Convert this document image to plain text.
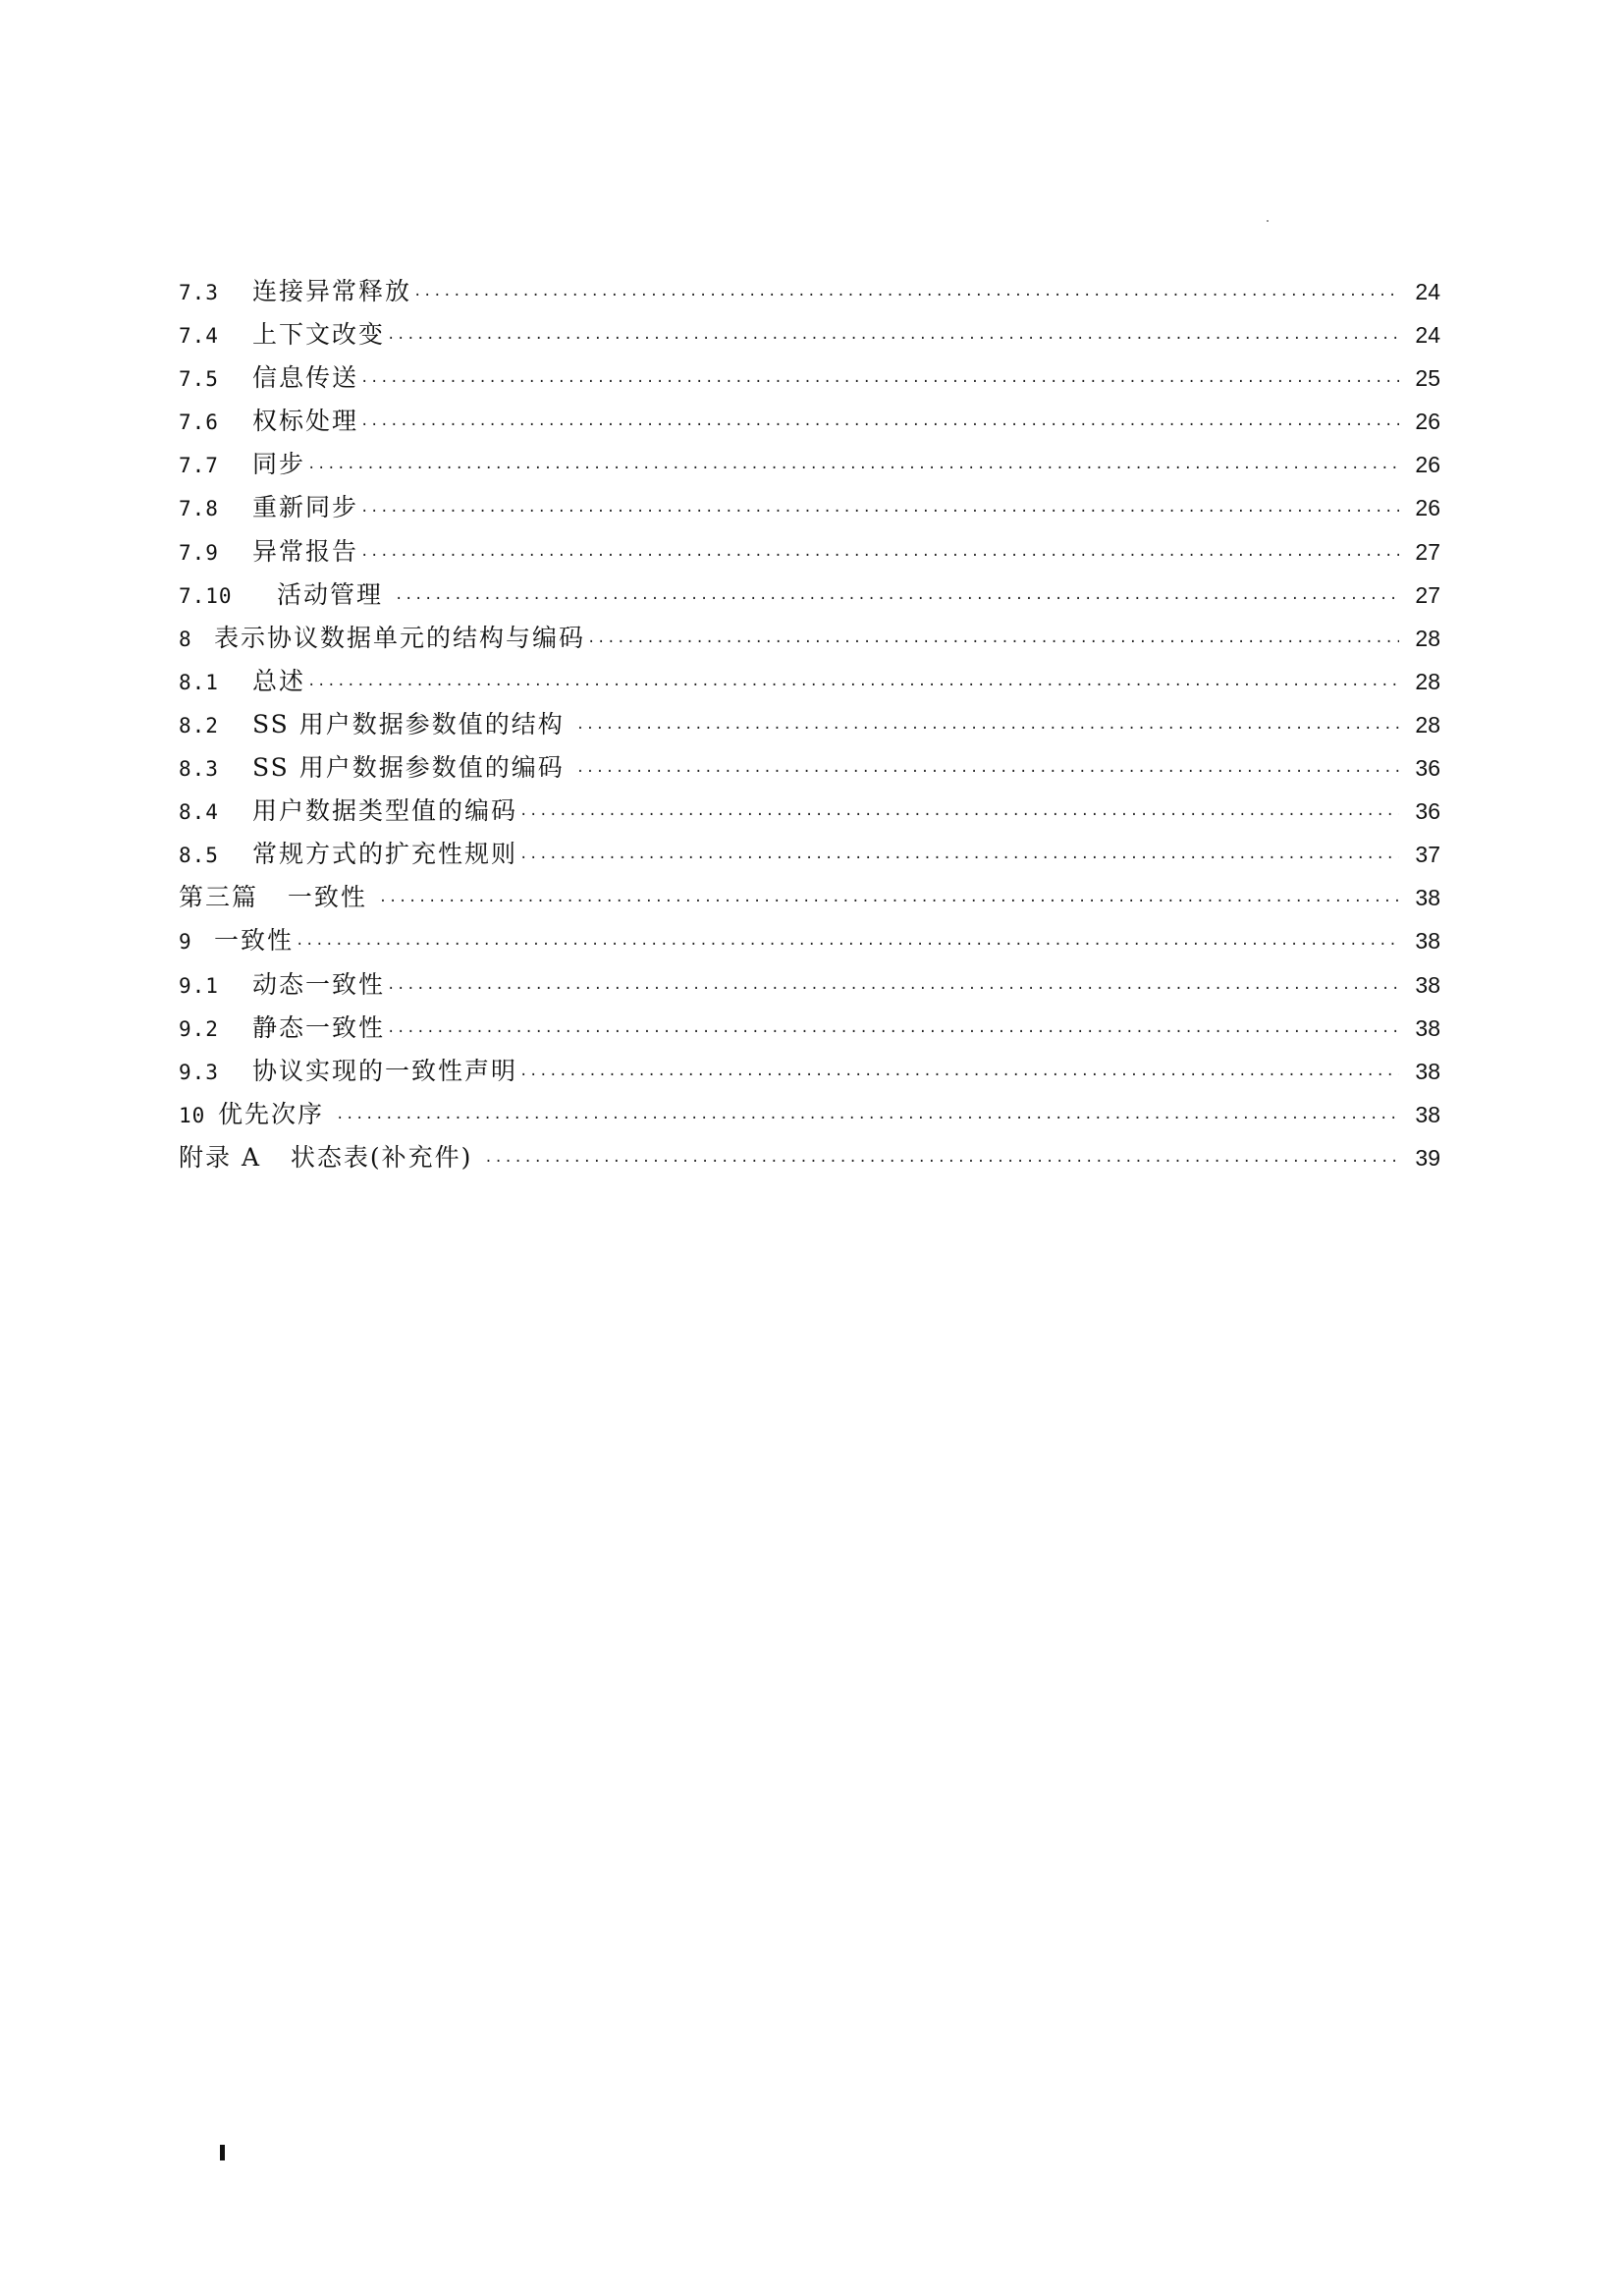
7.3	连接异常释放 ·····	24
7.4	上下文改变 ·····	24
7.5	信息传送 ·····	25
7.6	权标处理 ·····	26
7.7	同步 ·····	26
7.8	重新同步 ·····	26
7.9	异常报告 ·····	27
7.10	活动管理 ·····	27
8 表示协议数据单元的结构与编码 ·····	28
8.1	总述 ·····	28
8.2	SS 用户数据参数值的结构 ·····	28
8.3	SS 用户数据参数值的编码 ·····	36
8.4	用户数据类型值的编码 ·····	36
8.5	常规方式的扩充性规则 ·····	37
第三篇   一致性 ·····	38
9 一致性 ·····	38
9.1	动态一致性 ·····	38
9.2	静态一致性 ·····	38
9.3	协议实现的一致性声明 ·····	38
10 优先次序 ·····	38
附录 A   状态表(补充件) ·····	39
